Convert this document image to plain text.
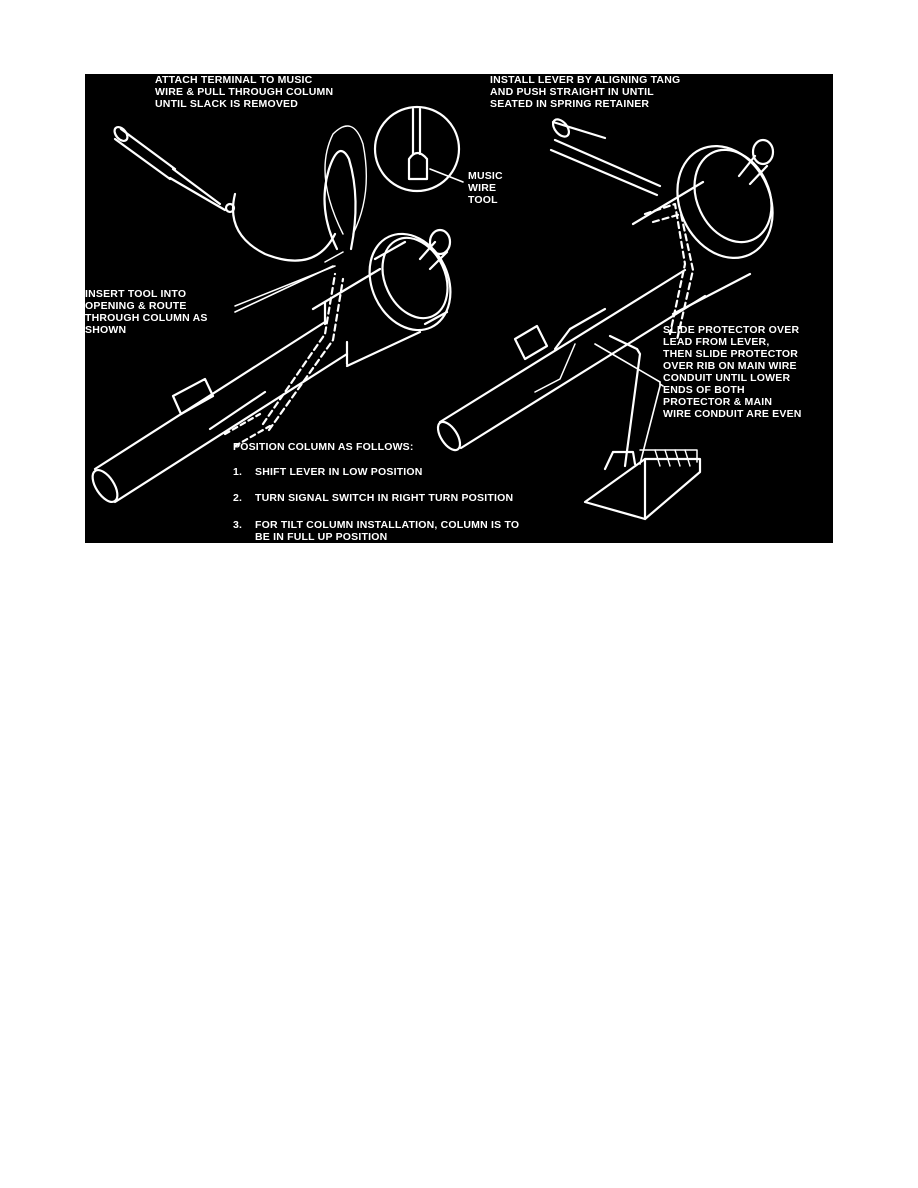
ATTACH TERMINAL TO MUSIC
WIRE & PULL THROUGH COLUMN
UNTIL SLACK IS REMOVED
INSTALL LEVER BY ALIGNING TANG
AND PUSH STRAIGHT IN UNTIL
SEATED IN SPRING RETAINER
MUSIC
WIRE
TOOL
INSERT TOOL INTO
OPENING & ROUTE
THROUGH COLUMN AS
SHOWN	SLIDE PROTECTOR OVER
LEAD FROM LEVER,
THEN SLIDE PROTECTOR
OVER RIB ON MAIN WIRE
CONDUIT UNTIL LOWER
ENDS OF BOTH
PROTECTOR & MAIN
WIRE CONDUIT ARE EVEN
POSITION COLUMN AS FOLLOWS:
1. SHIFT LEVER IN LOW POSITION
2. TURN SIGNAL SWITCH IN RIGHT TURN POSITION
3. FOR TILT COLUMN INSTALLATION, COLUMN IS TO
BE IN FULL UP POSITION
